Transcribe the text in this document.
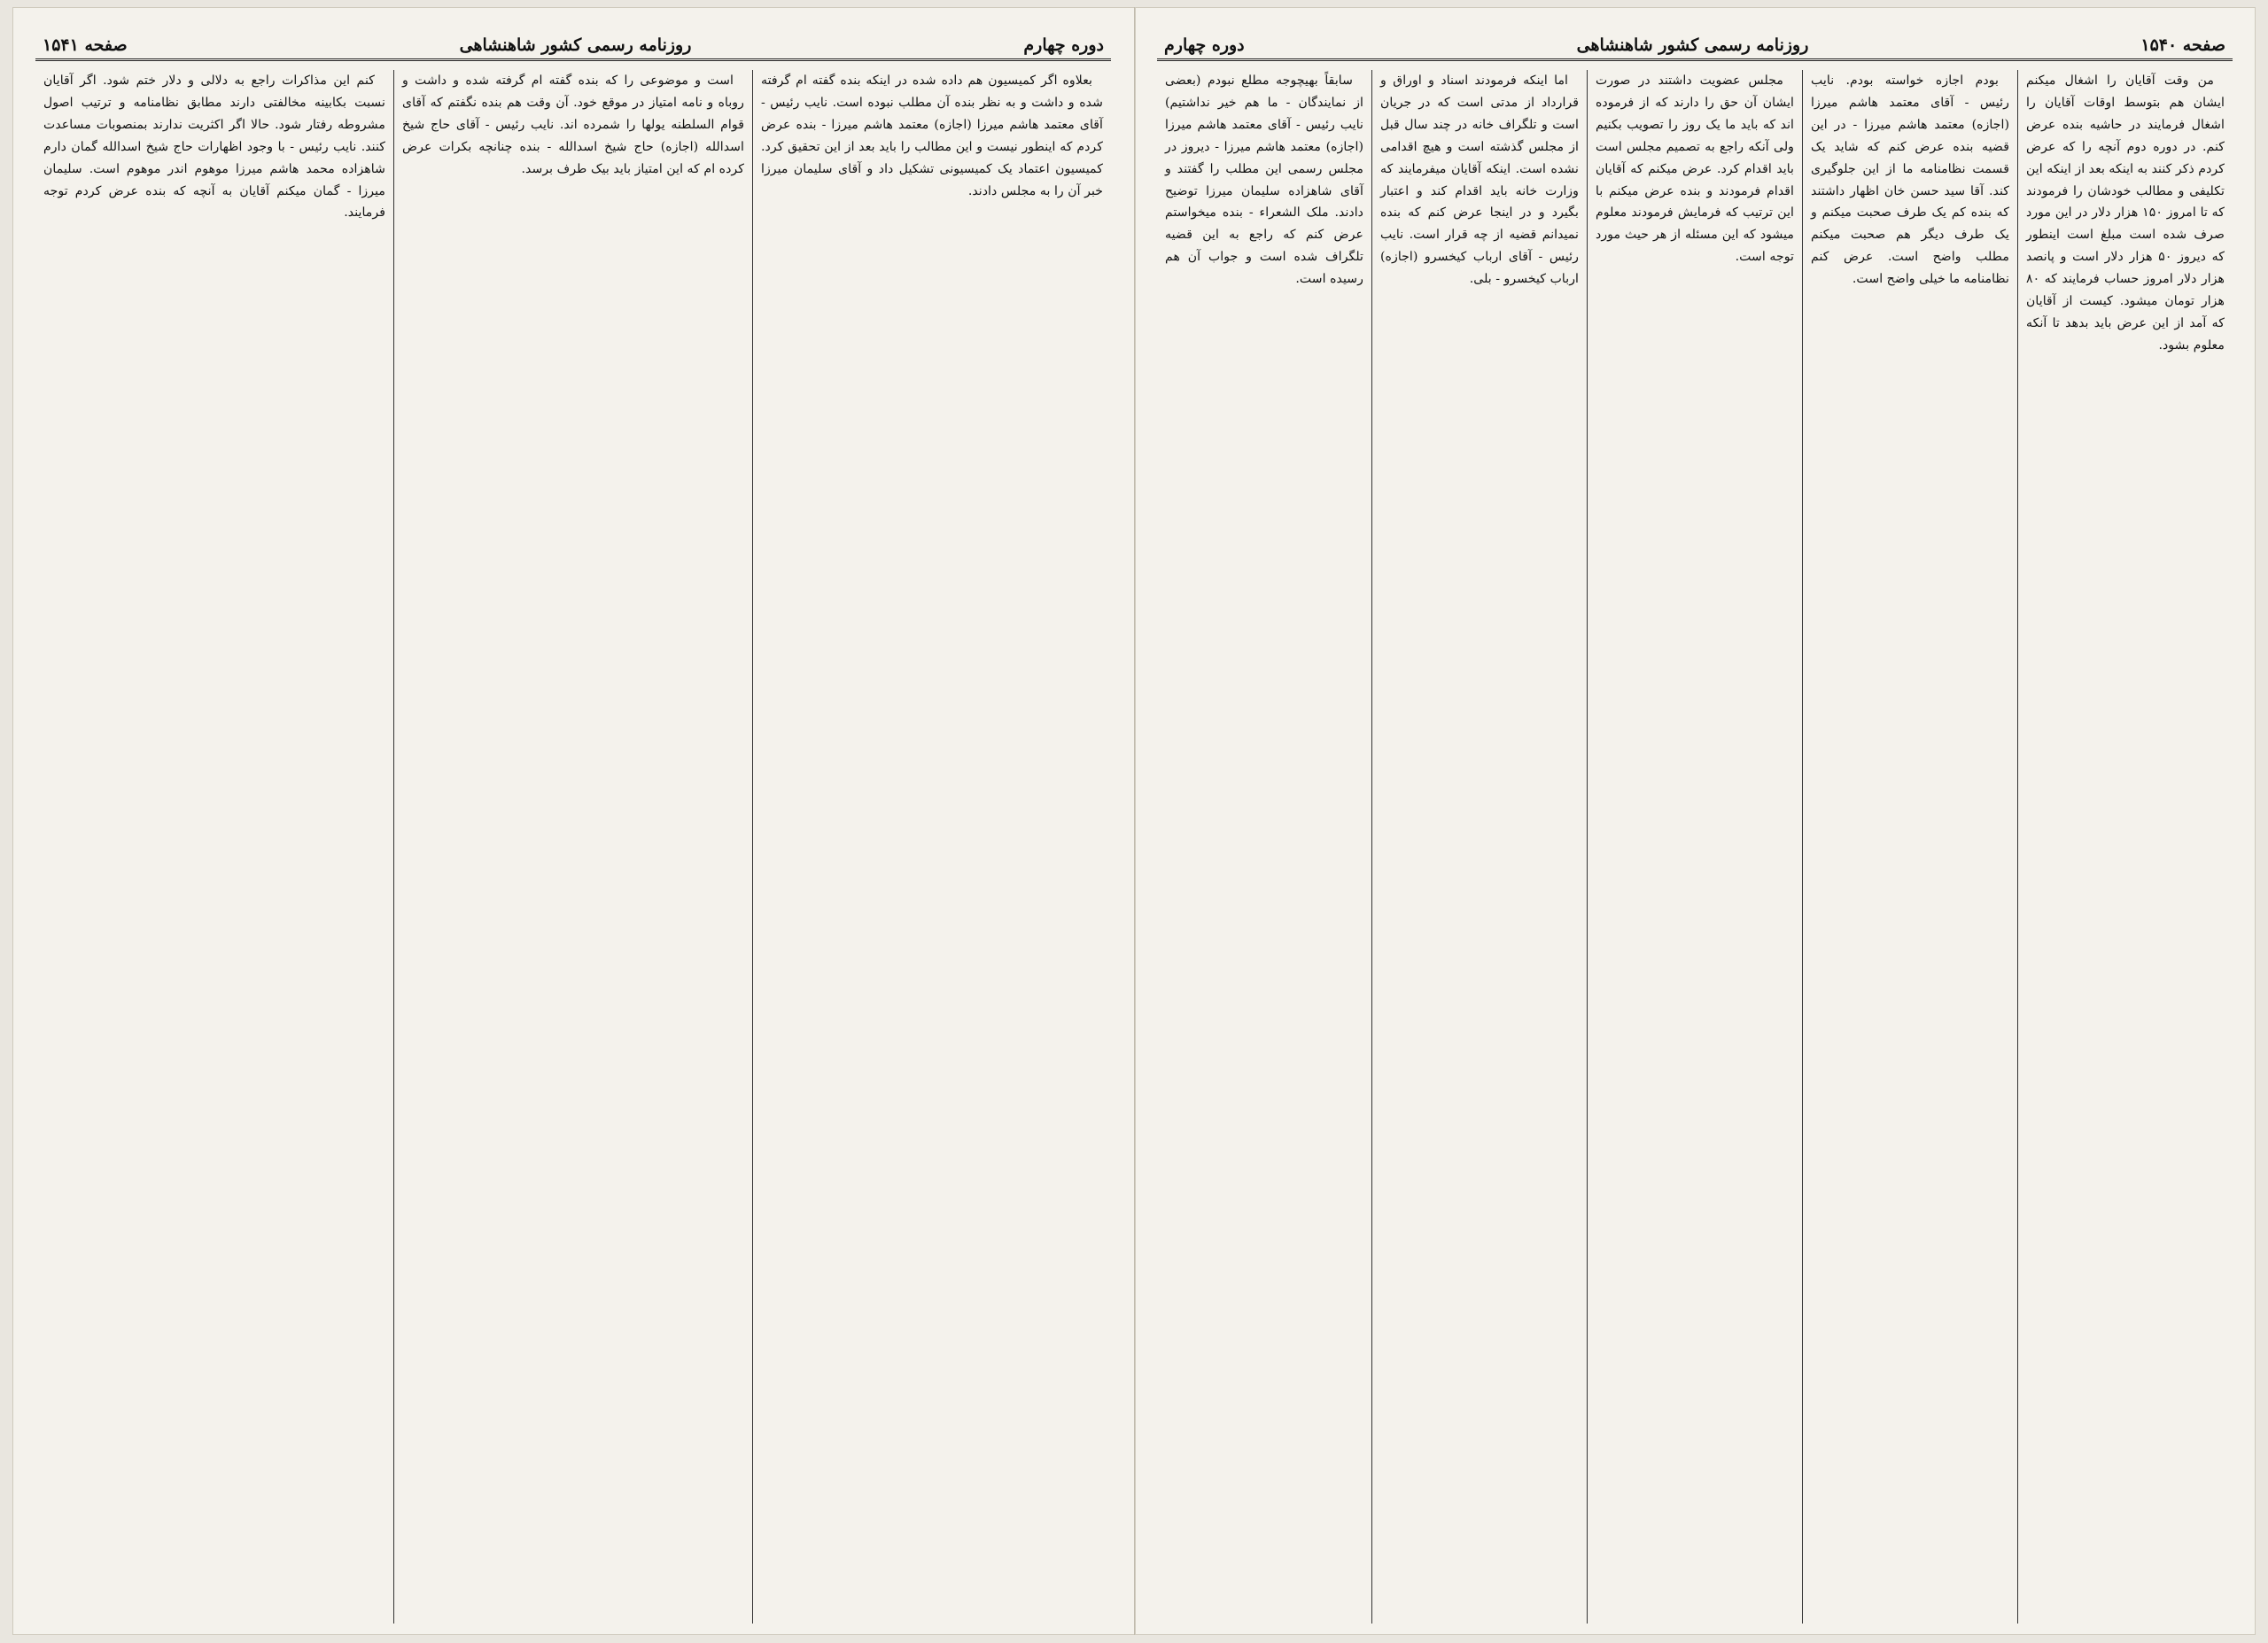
دوره چهارم
روزنامه رسمی کشور شاهنشاهی
صفحه ۱۵۴۱

بعلاوه اگر کمیسیون هم داده شده در اینکه بنده گفته ام گرفته شده و داشت و به نظر بنده آن مطلب نبوده است. نایب رئیس - آقای معتمد هاشم میرزا (اجازه) معتمد هاشم میرزا - بنده عرض کردم که اینطور نیست و این مطالب را باید بعد از این تحقیق کرد. کمیسیون اعتماد یک کمیسیونی تشکیل داد و آقای سلیمان میرزا خبر آن را به مجلس دادند.

است و موضوعی را که بنده گفته ام گرفته شده و داشت و روباه و نامه امتیاز در موقع خود. آن وقت هم بنده نگفتم که آقای قوام السلطنه یولها را شمرده اند. نایب رئیس - آقای حاج شیخ اسدالله (اجازه) حاج شیخ اسدالله - بنده چنانچه بکرات عرض کرده ام که این امتیاز باید بیک طرف برسد.

کنم این مذاکرات راجع به دلالی و دلار ختم شود. اگر آقایان نسبت بکابینه مخالفتی دارند مطابق نظامنامه و ترتیب اصول مشروطه رفتار شود. حالا اگر اکثریت ندارند بمنصوبات مساعدت کنند. نایب رئیس - با وجود اظهارات حاج شیخ اسدالله گمان دارم شاهزاده محمد هاشم میرزا موهوم اندر موهوم است. سلیمان میرزا - گمان میکنم آقایان به آنچه که بنده عرض کردم توجه فرمایند.

صفحه ۱۵۴۰
روزنامه رسمی کشور شاهنشاهی
دوره چهارم

من وقت آقایان را اشغال میکنم ایشان هم بتوسط اوقات آقایان را اشغال فرمایند در حاشیه بنده عرض کنم. در دوره دوم آنچه را که عرض کردم ذکر کنند به اینکه بعد از اینکه این تکلیفی و مطالب خودشان را فرمودند که تا امروز ۱۵۰ هزار دلار در این مورد صرف شده است مبلغ است اینطور که دیروز ۵۰ هزار دلار است و پانصد هزار دلار امروز حساب فرمایند که ۸۰ هزار تومان میشود. کیست از آقایان که آمد از این عرض باید بدهد تا آنکه معلوم بشود.

بودم اجازه خواسته بودم. نایب رئیس - آقای معتمد هاشم میرزا (اجازه) معتمد هاشم میرزا - در این قضیه بنده عرض کنم که شاید یک قسمت نظامنامه ما از این جلوگیری کند. آقا سید حسن خان اظهار داشتند که بنده کم یک طرف صحبت میکنم و یک طرف دیگر هم صحبت میکنم مطلب واضح است. عرض کنم نظامنامه ما خیلی واضح است.

مجلس عضویت داشتند در صورت ایشان آن حق را دارند که از فرموده اند که باید ما یک روز را تصویب بکنیم ولی آنکه راجع به تصمیم مجلس است باید اقدام کرد. عرض میکنم که آقایان اقدام فرمودند و بنده عرض میکنم با این ترتیب که فرمایش فرمودند معلوم میشود که این مسئله از هر حیث مورد توجه است.

اما اینکه فرمودند اسناد و اوراق و قرارداد از مدتی است که در جریان است و تلگراف خانه در چند سال قبل از مجلس گذشته است و هیچ اقدامی نشده است. اینکه آقایان میفرمایند که وزارت خانه باید اقدام کند و اعتبار بگیرد و در اینجا عرض کنم که بنده نمیدانم قضیه از چه قرار است. نایب رئیس - آقای ارباب کیخسرو (اجازه) ارباب کیخسرو - بلی.

سابقاً بهیچوجه مطلع نبودم (بعضی از نمایندگان - ما هم خیر نداشتیم) نایب رئیس - آقای معتمد هاشم میرزا (اجازه) معتمد هاشم میرزا - دیروز در مجلس رسمی این مطلب را گفتند و آقای شاهزاده سلیمان میرزا توضیح دادند. ملک الشعراء - بنده میخواستم عرض کنم که راجع به این قضیه تلگراف شده است و جواب آن هم رسیده است.
